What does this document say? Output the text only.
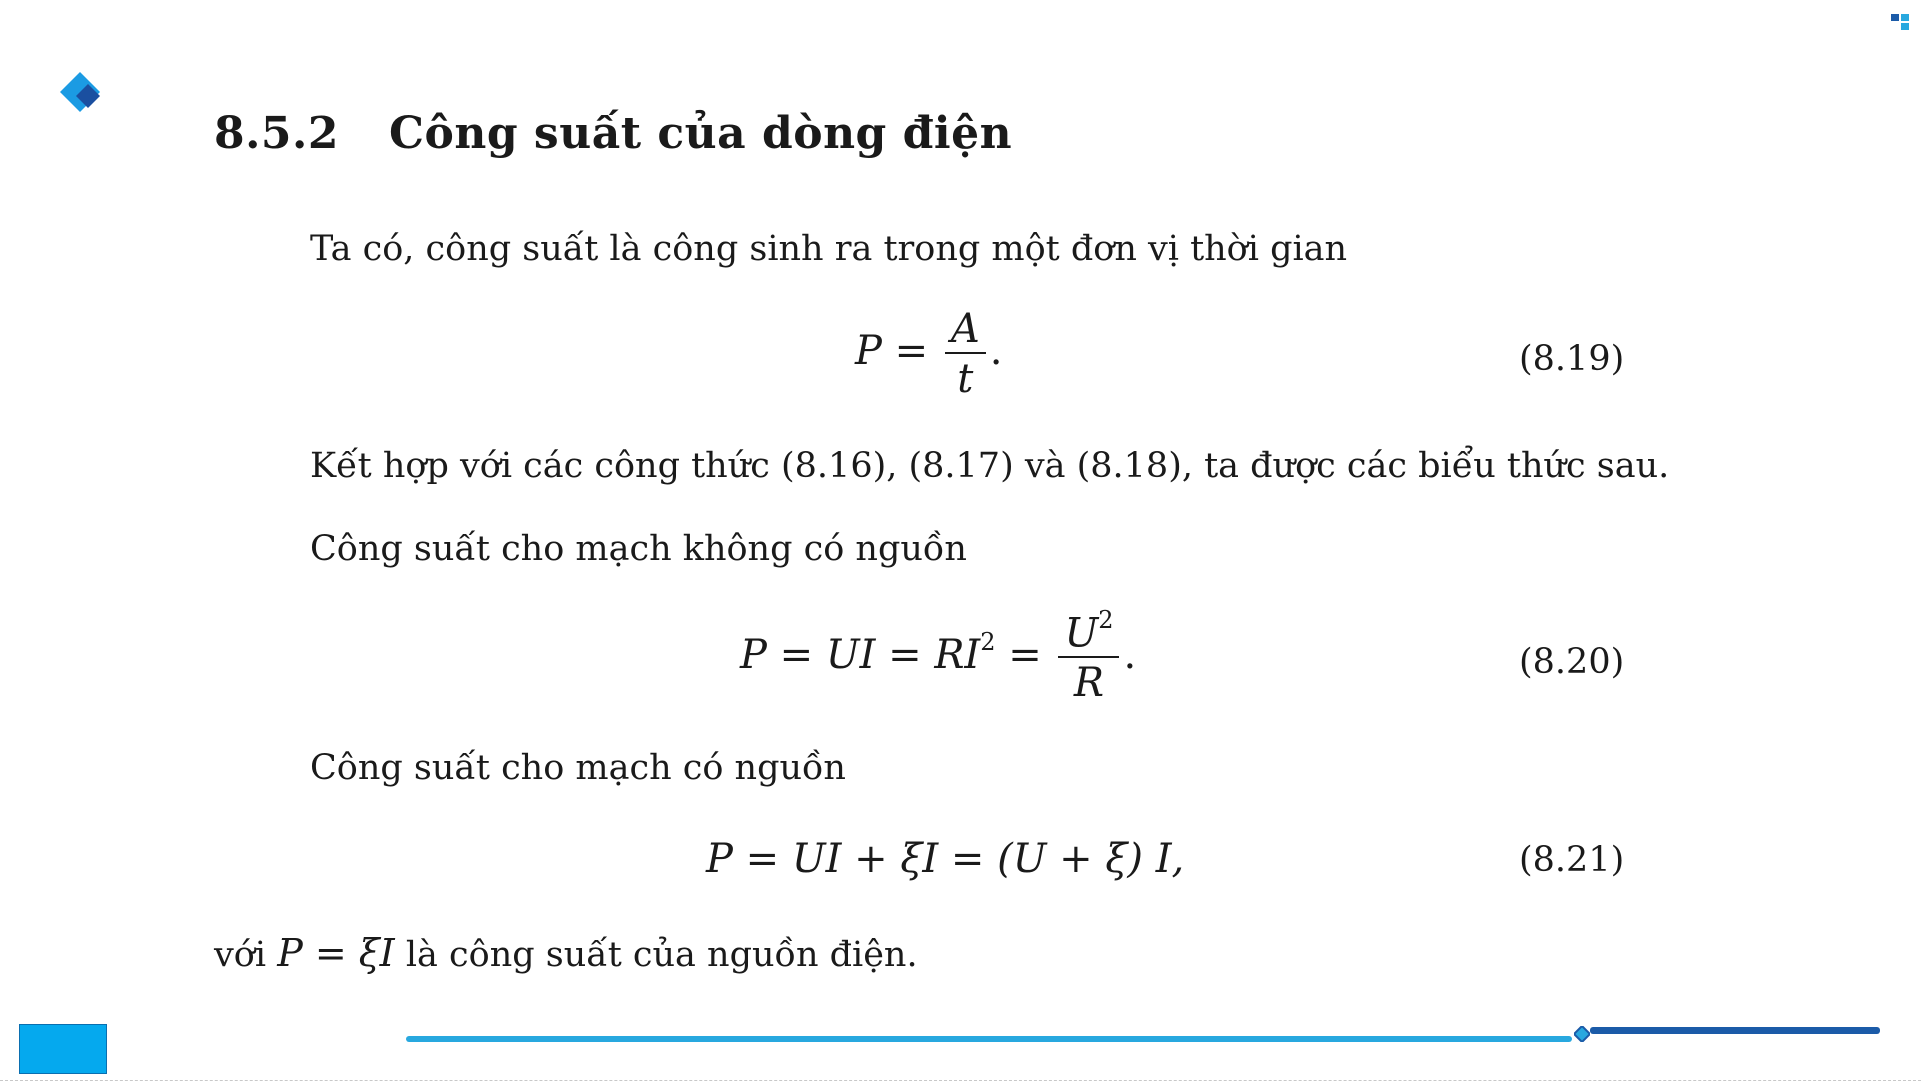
8.5.2 Công suất của dòng điện
Ta có, công suất là công sinh ra trong một đơn vị thời gian
$P = \frac{A}{t}$ .	(8.19)
Kết hợp với các công thức (8.16), (8.17) và (8.18), ta được các biểu thức sau.
Công suất cho mạch không có nguồn
P = UI = $RI^2 = \frac{U^2}{R}$ .	(8.20)
Công suất cho mạch có nguồn
P = UI + ξI = (U + ξ) I,	(8.21)
với P = ξI là công suất của nguồn điện.
